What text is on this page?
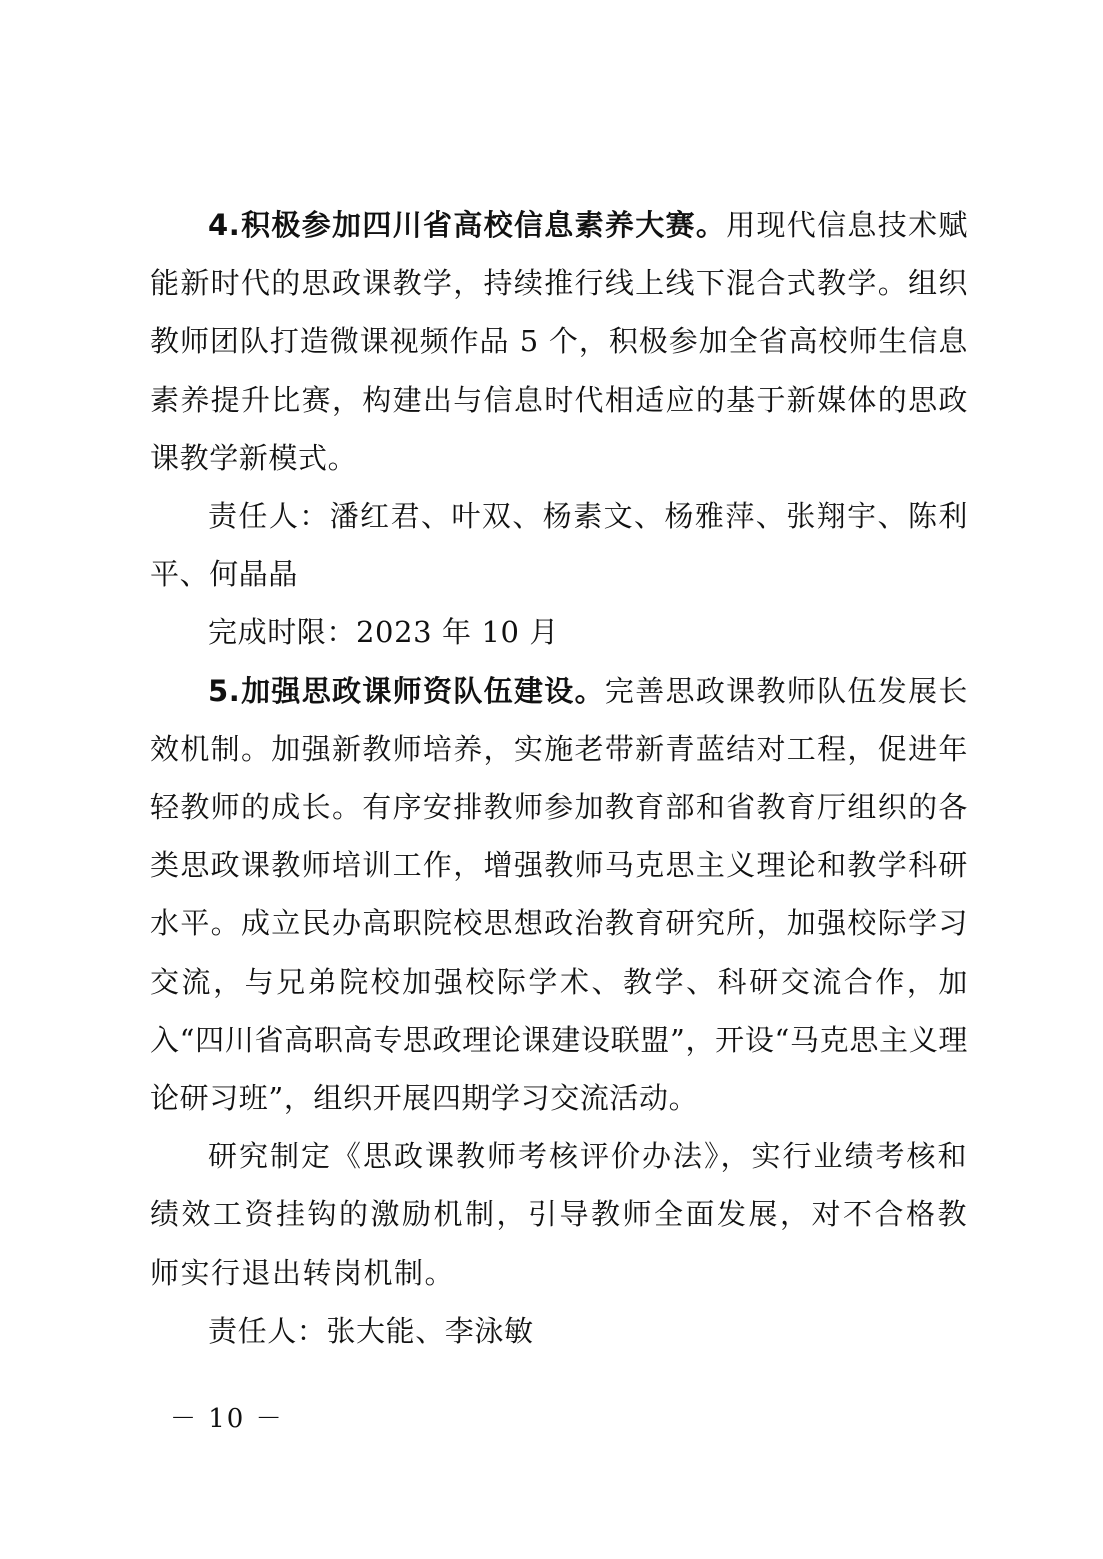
4.积极参加四川省高校信息素养大赛。用现代信息技术赋能新时代的思政课教学，持续推行线上线下混合式教学。组织教师团队打造微课视频作品 5 个，积极参加全省高校师生信息素养提升比赛，构建出与信息时代相适应的基于新媒体的思政课教学新模式。

责任人：潘红君、叶双、杨素文、杨雅萍、张翔宇、陈利平、何晶晶

完成时限：2023 年 10 月

5.加强思政课师资队伍建设。完善思政课教师队伍发展长效机制。加强新教师培养，实施老带新青蓝结对工程，促进年轻教师的成长。有序安排教师参加教育部和省教育厅组织的各类思政课教师培训工作，增强教师马克思主义理论和教学科研水平。成立民办高职院校思想政治教育研究所，加强校际学习交流，与兄弟院校加强校际学术、教学、科研交流合作，加入“四川省高职高专思政理论课建设联盟”，开设“马克思主义理论研习班”，组织开展四期学习交流活动。

研究制定《思政课教师考核评价办法》，实行业绩考核和绩效工资挂钩的激励机制，引导教师全面发展，对不合格教师实行退出转岗机制。

责任人：张大能、李泳敏

－ 10 －
